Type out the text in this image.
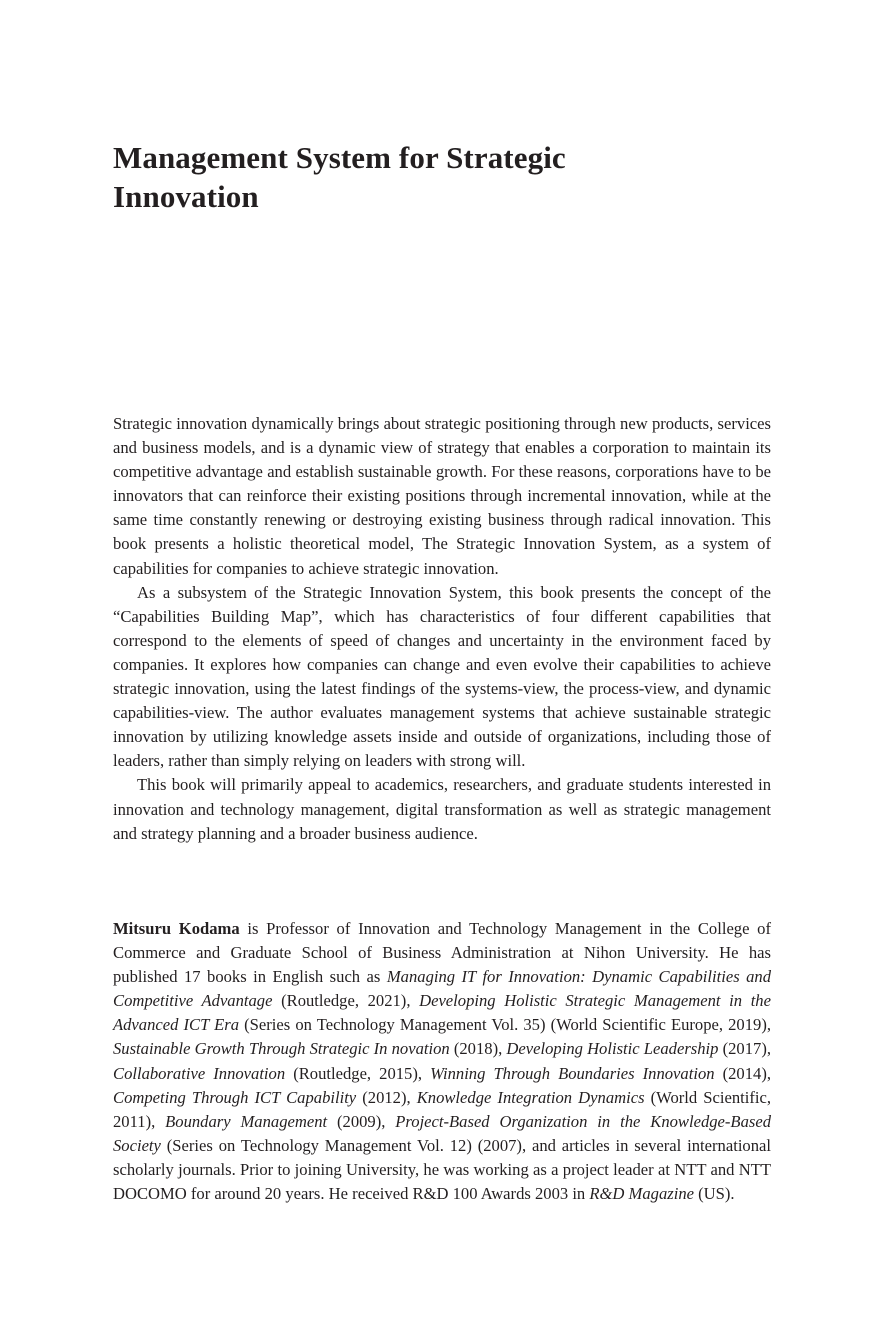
Management System for Strategic
Innovation

Strategic innovation dynamically brings about strategic positioning through new products, services and business models, and is a dynamic view of strategy that enables a corporation to maintain its competitive advantage and establish sustainable growth. For these reasons, corporations have to be innovators that can reinforce their existing positions through incremental innovation, while at the same time constantly renewing or destroying existing business through radical innovation. This book presents a holistic theoretical model, The Strategic Innovation System, as a system of capabilities for companies to achieve strategic innovation.

As a subsystem of the Strategic Innovation System, this book presents the concept of the “Capabilities Building Map”, which has characteristics of four different capabilities that correspond to the elements of speed of changes and uncertainty in the environment faced by companies. It explores how companies can change and even evolve their capabilities to achieve strategic innovation, using the latest findings of the systems-view, the process-view, and dynamic capabilities-view. The author evaluates management systems that achieve sustainable strategic innovation by utilizing knowledge assets inside and outside of organizations, including those of leaders, rather than simply relying on leaders with strong will.

This book will primarily appeal to academics, researchers, and graduate students interested in innovation and technology management, digital transformation as well as strategic management and strategy planning and a broader business audience.

Mitsuru Kodama is Professor of Innovation and Technology Management in the College of Commerce and Graduate School of Business Administration at Nihon University. He has published 17 books in English such as Managing IT for Innovation: Dynamic Capabilities and Competitive Advantage (Routledge, 2021), Developing Holistic Strategic Management in the Advanced ICT Era (Series on Technology Management Vol. 35) (World Scientific Europe, 2019), Sustainable Growth Through Strategic In novation (2018), Developing Holistic Leadership (2017), Collaborative Innovation (Routledge, 2015), Winning Through Boundaries Innovation (2014), Competing Through ICT Capability (2012), Knowledge Integration Dynamics (World Scientific, 2011), Boundary Management (2009), Project-Based Organization in the Knowledge-Based Society (Series on Technology Management Vol. 12) (2007), and articles in several international scholarly journals. Prior to joining University, he was working as a project leader at NTT and NTT DOCOMO for around 20 years. He received R&D 100 Awards 2003 in R&D Magazine (US).
